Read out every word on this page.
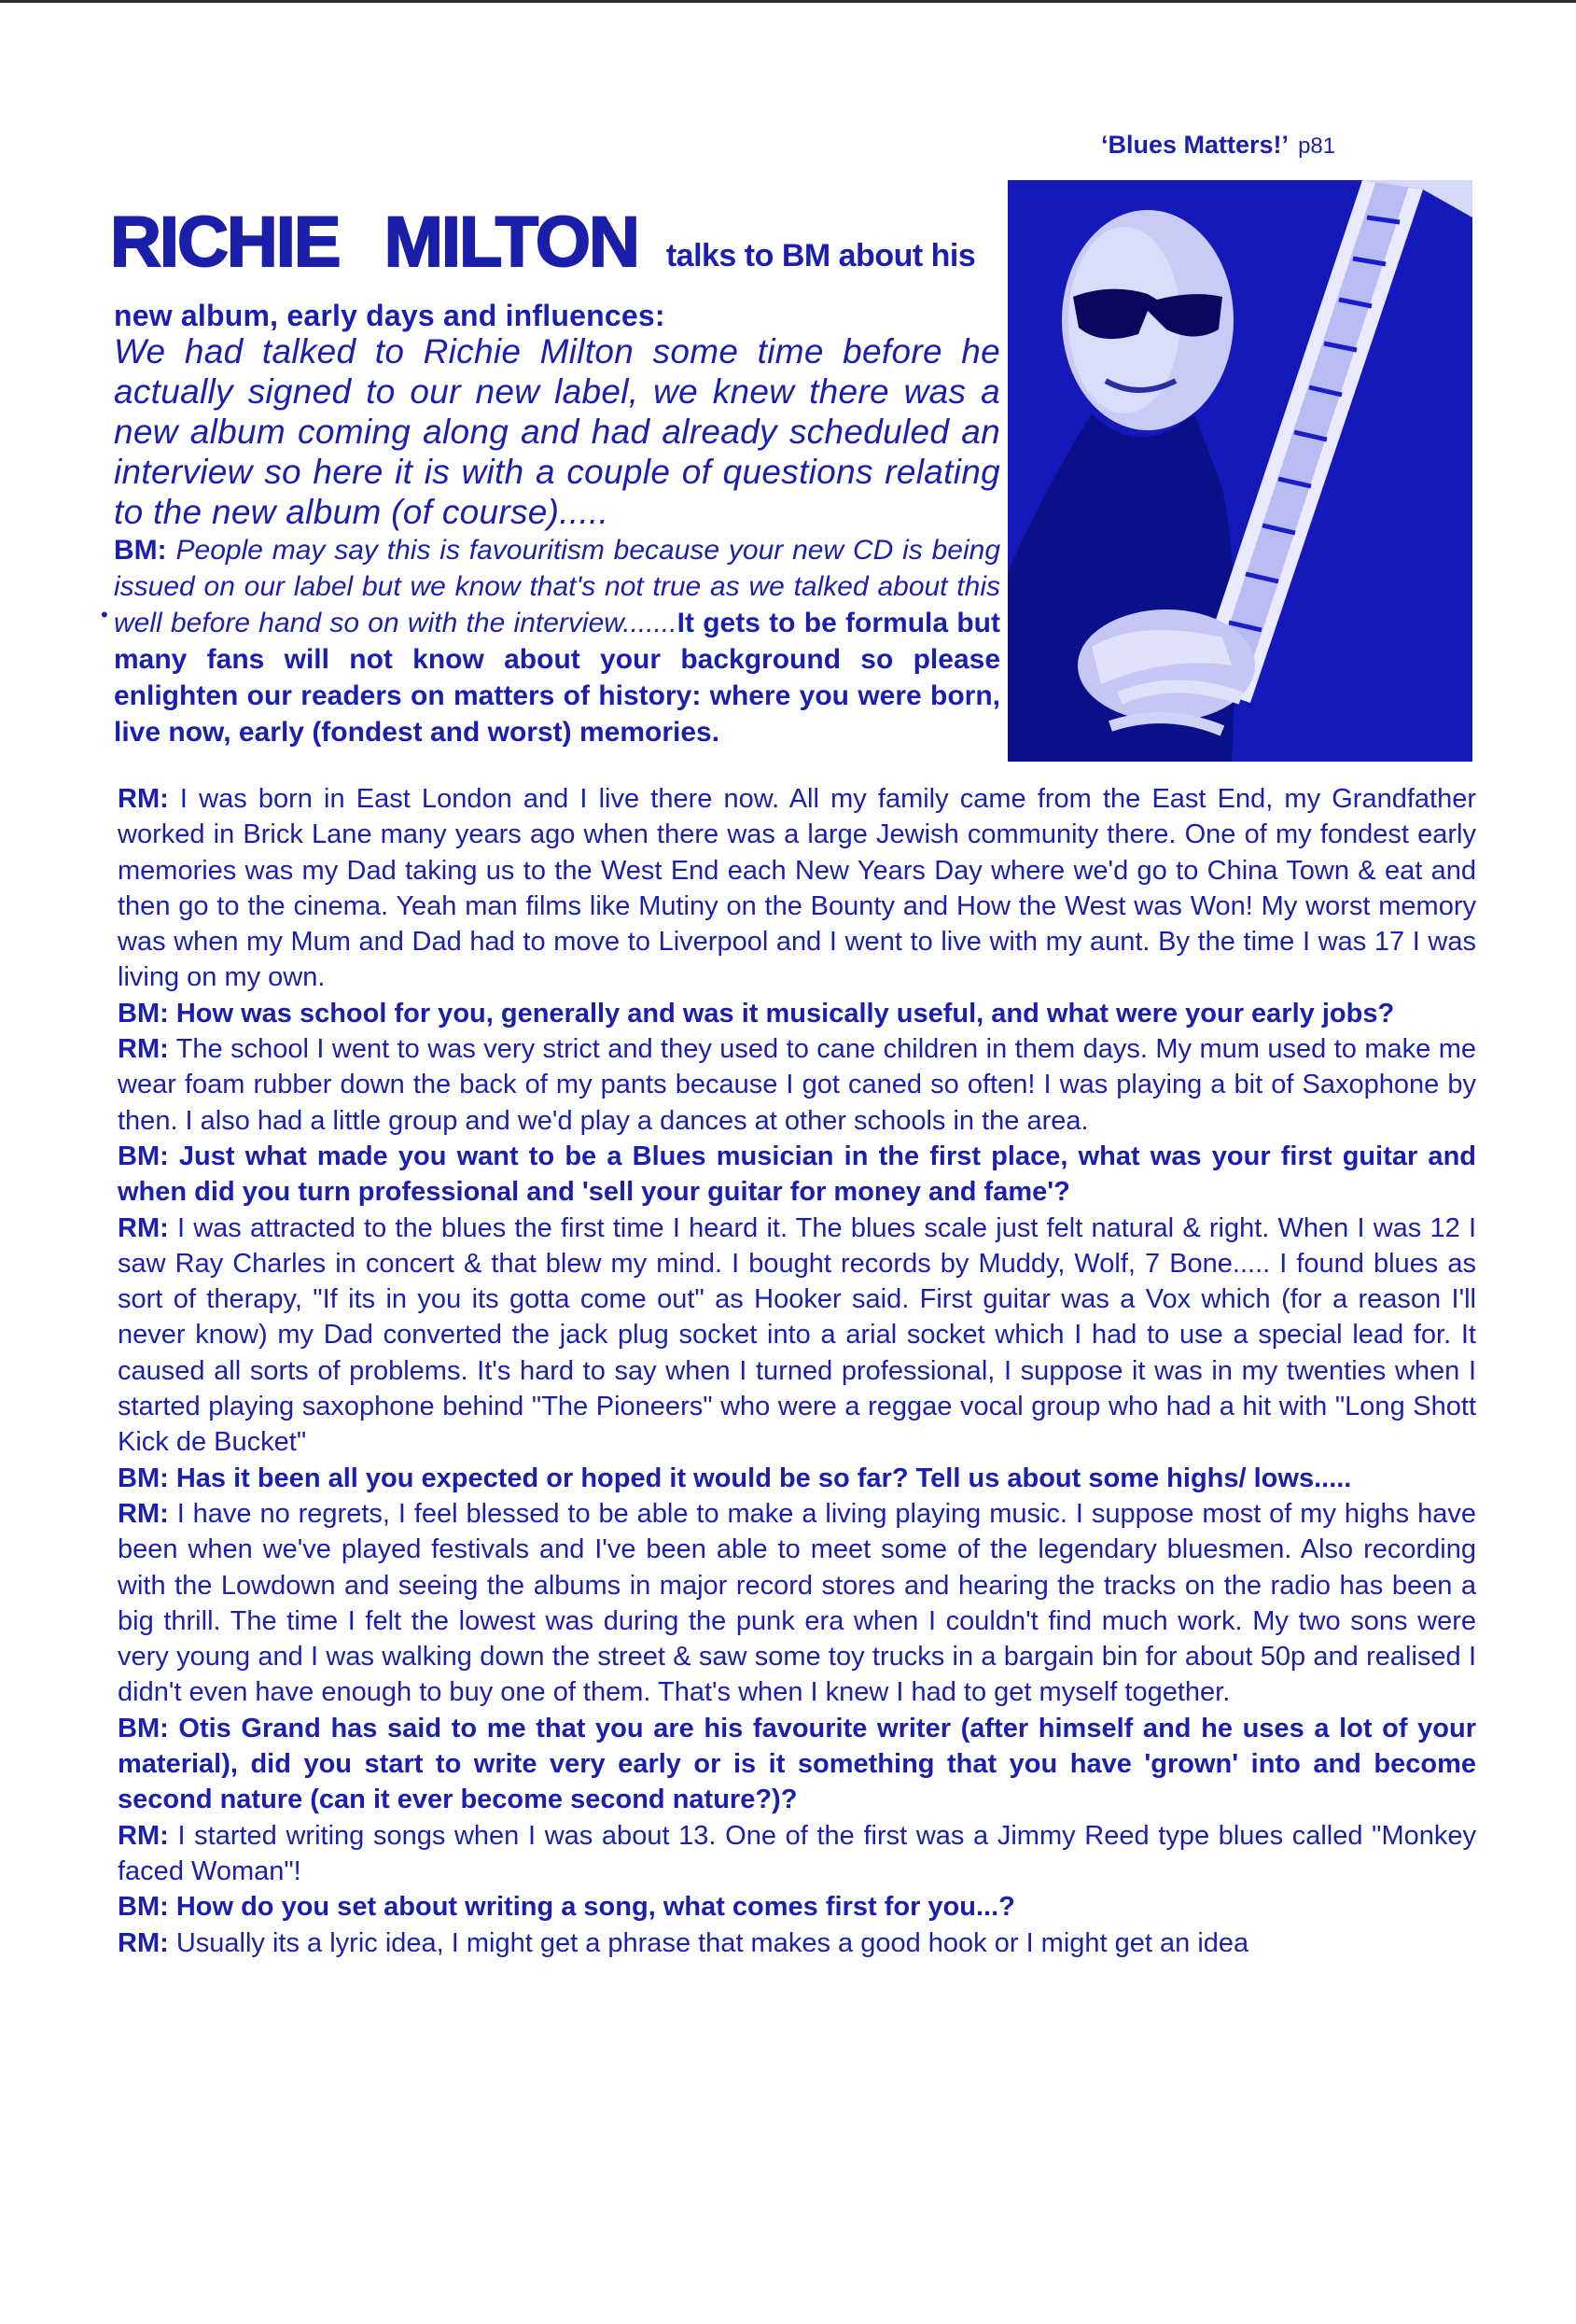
‘Blues Matters!’ p81
RICHIE MILTON talks to BM about his
new album, early days and influences:
We had talked to Richie Milton some time before he actually signed to our new label, we knew there was a new album coming along and had already scheduled an interview so here it is with a couple of questions relating to the new album (of course).....
•
BM: People may say this is favouritism because your new CD is being issued on our label but we know that's not true as we talked about this well before hand so on with the interview.......It gets to be formula but many fans will not know about your background so please enlighten our readers on matters of history: where you were born, live now, early (fondest and worst) memories.

RM: I was born in East London and I live there now. All my family came from the East End, my Grandfather worked in Brick Lane many years ago when there was a large Jewish community there. One of my fondest early memories was my Dad taking us to the West End each New Years Day where we'd go to China Town & eat and then go to the cinema. Yeah man films like Mutiny on the Bounty and How the West was Won! My worst memory was when my Mum and Dad had to move to Liverpool and I went to live with my aunt. By the time I was 17 I was living on my own.

BM: How was school for you, generally and was it musically useful, and what were your early jobs?

RM: The school I went to was very strict and they used to cane children in them days. My mum used to make me wear foam rubber down the back of my pants because I got caned so often! I was playing a bit of Saxophone by then. I also had a little group and we'd play a dances at other schools in the area.

BM: Just what made you want to be a Blues musician in the first place, what was your first guitar and when did you turn professional and 'sell your guitar for money and fame'?

RM: I was attracted to the blues the first time I heard it. The blues scale just felt natural & right. When I was 12 I saw Ray Charles in concert & that blew my mind. I bought records by Muddy, Wolf, 7 Bone..... I found blues as sort of therapy, "If its in you its gotta come out" as Hooker said. First guitar was a Vox which (for a reason I'll never know) my Dad converted the jack plug socket into a arial socket which I had to use a special lead for. It caused all sorts of problems. It's hard to say when I turned professional, I suppose it was in my twenties when I started playing saxophone behind "The Pioneers" who were a reggae vocal group who had a hit with "Long Shott Kick de Bucket"

BM: Has it been all you expected or hoped it would be so far? Tell us about some highs/ lows.....

RM: I have no regrets, I feel blessed to be able to make a living playing music. I suppose most of my highs have been when we've played festivals and I've been able to meet some of the legendary bluesmen. Also recording with the Lowdown and seeing the albums in major record stores and hearing the tracks on the radio has been a big thrill. The time I felt the lowest was during the punk era when I couldn't find much work. My two sons were very young and I was walking down the street & saw some toy trucks in a bargain bin for about 50p and realised I didn't even have enough to buy one of them. That's when I knew I had to get myself together.

BM: Otis Grand has said to me that you are his favourite writer (after himself and he uses a lot of your material), did you start to write very early or is it something that you have 'grown' into and become second nature (can it ever become second nature?)?

RM: I started writing songs when I was about 13. One of the first was a Jimmy Reed type blues called "Monkey faced Woman"!

BM: How do you set about writing a song, what comes first for you...?

RM: Usually its a lyric idea, I might get a phrase that makes a good hook or I might get an idea
